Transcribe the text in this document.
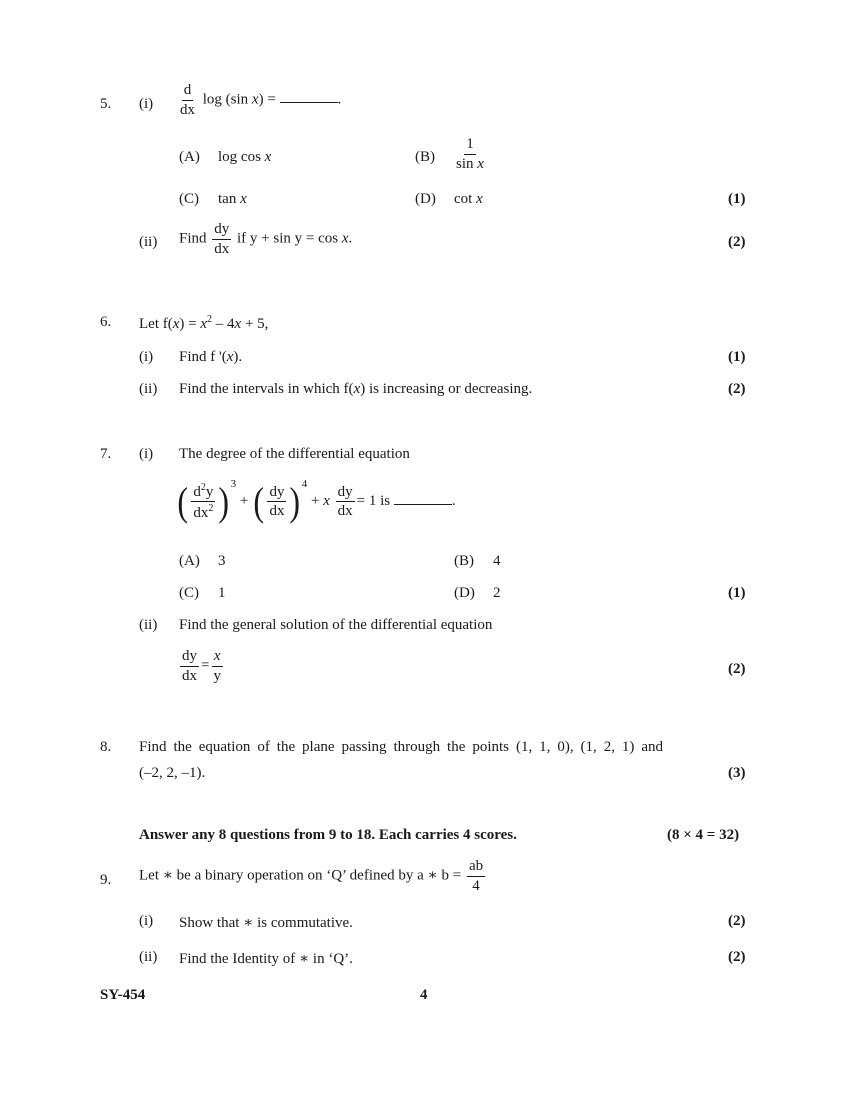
5. $(i) \frac{d}{dx}$ log (sin x) =	.
(A) log cos x	$(B) \frac{1}{\text{sin x}}$
(C) tan x	(D) cot x	(1)
(ii) Find $\frac{dy}{dx}$ if y + sin y = cos x.	(2)
6. Let $f(x) = x^2 - 4x + 5$,
(i) Find f '(x).	(1)
(ii) Find the intervals in which f(x) is increasing or decreasing.	(2)
7. (i) The degree of the differential equation
( $\frac{d^2y}{dx^2} )^3$ + ( $\frac{dy}{dx} )^4 + x \frac{dy}{dx} = 1$ is	.
(A) 3	(B) 4
(C) 1	(D) 2	(1)
(ii) Find the general solution of the differential equation
$\frac{dy}{dx} = \frac{x}{y}$	(2)
8. Find the equation of the plane passing through the points (1, 1, 0), (1, 2, 1) and
(–2, 2, –1).	(3)
Answer any 8 questions from 9 to 18. Each carries 4 scores.	(8 × 4 = 32)
9. Let ∗ be a binary operation on ‘Q’ defined by a ∗ $b = \frac{ab}{4}$
(i) Show that ∗ is commutative.	(2)
(ii) Find the Identity of ∗ in ‘Q’.	(2)
SY-454	4
